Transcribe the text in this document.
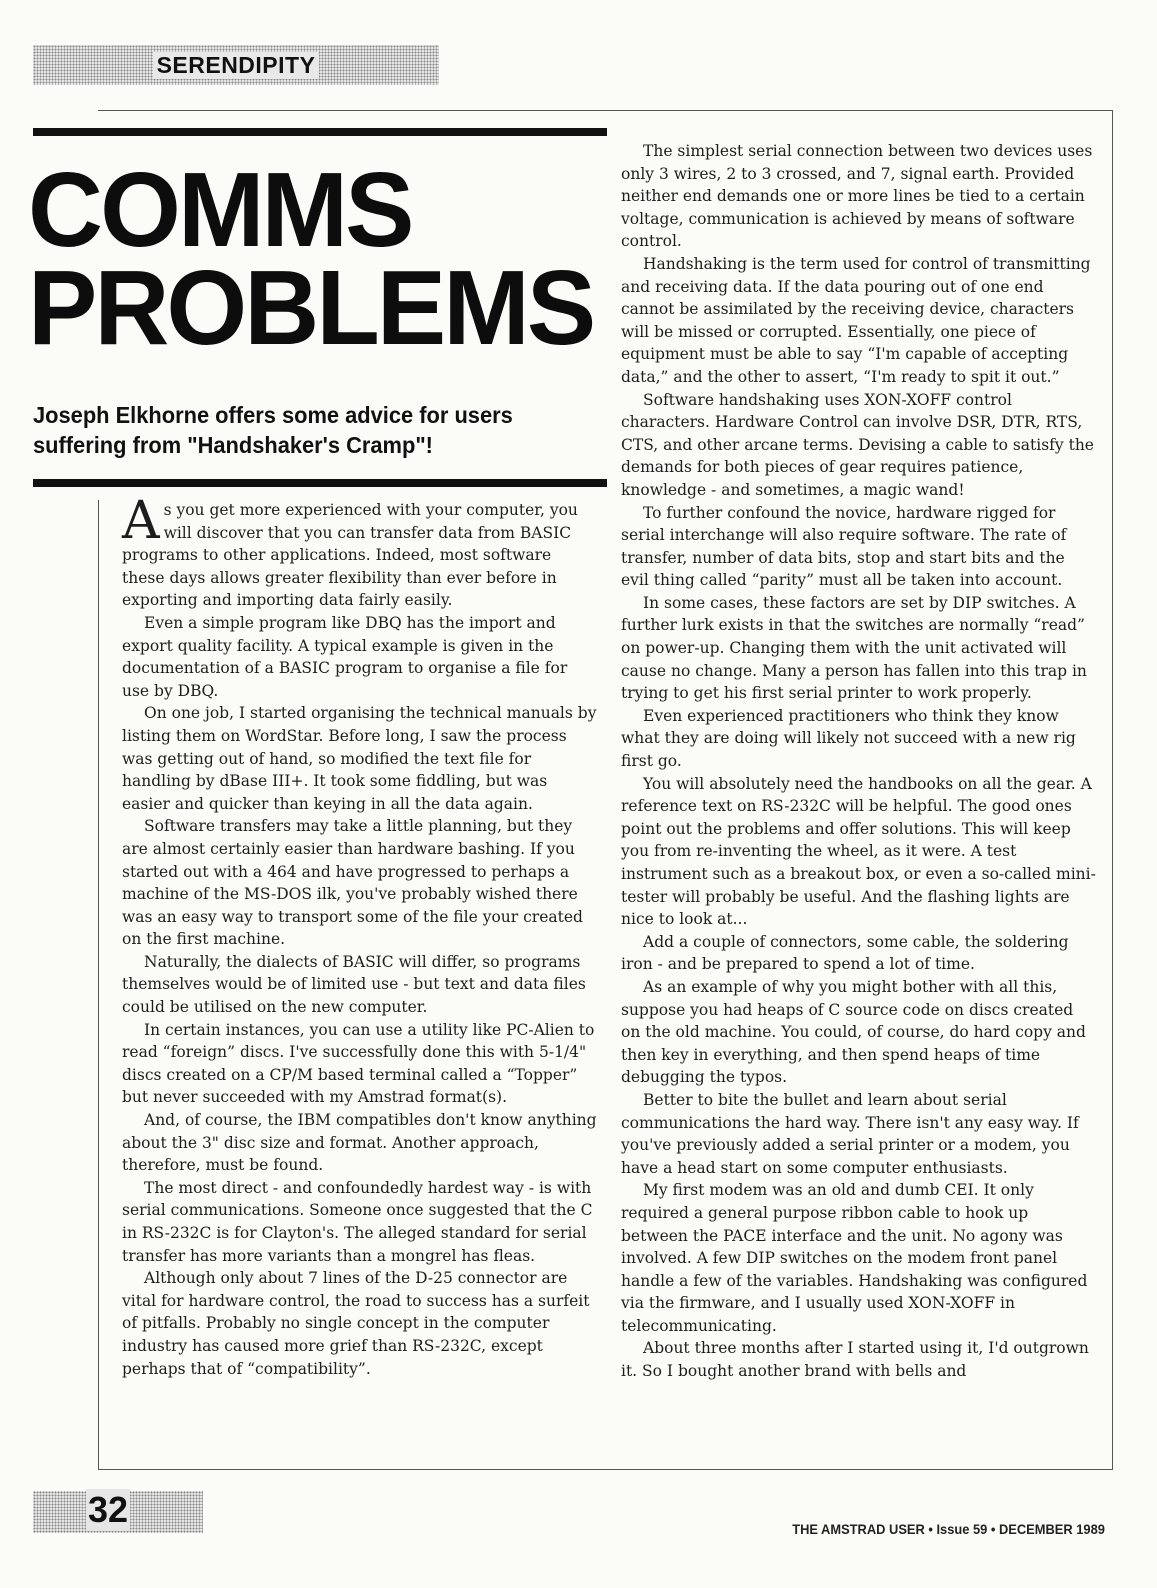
SERENDIPITY
COMMS
PROBLEMS
Joseph Elkhorne offers some advice for users suffering from "Handshaker's Cramp"!

As you get more experienced with your computer, you will discover that you can transfer data from BASIC programs to other applications. Indeed, most software these days allows greater flexibility than ever before in exporting and importing data fairly easily.

Even a simple program like DBQ has the import and export quality facility. A typical example is given in the documentation of a BASIC program to organise a file for use by DBQ.

On one job, I started organising the technical manuals by listing them on WordStar. Before long, I saw the process was getting out of hand, so modified the text file for handling by dBase III+. It took some fiddling, but was easier and quicker than keying in all the data again.

Software transfers may take a little planning, but they are almost certainly easier than hardware bashing. If you started out with a 464 and have progressed to perhaps a machine of the MS-DOS ilk, you've probably wished there was an easy way to transport some of the file your created on the first machine.

Naturally, the dialects of BASIC will differ, so programs themselves would be of limited use - but text and data files could be utilised on the new computer.

In certain instances, you can use a utility like PC-Alien to read “foreign” discs. I've successfully done this with 5-1/4" discs created on a CP/M based terminal called a “Topper” but never succeeded with my Amstrad format(s).

And, of course, the IBM compatibles don't know anything about the 3" disc size and format. Another approach, therefore, must be found.

The most direct - and confoundedly hardest way - is with serial communications. Someone once suggested that the C in RS-232C is for Clayton's. The alleged standard for serial transfer has more variants than a mongrel has fleas.

Although only about 7 lines of the D-25 connector are vital for hardware control, the road to success has a surfeit of pitfalls. Probably no single concept in the computer industry has caused more grief than RS-232C, except perhaps that of “compatibility”.

The simplest serial connection between two devices uses only 3 wires, 2 to 3 crossed, and 7, signal earth. Provided neither end demands one or more lines be tied to a certain voltage, communication is achieved by means of software control.

Handshaking is the term used for control of transmitting and receiving data. If the data pouring out of one end cannot be assimilated by the receiving device, characters will be missed or corrupted. Essentially, one piece of equipment must be able to say “I'm capable of accepting data,” and the other to assert, “I'm ready to spit it out.”

Software handshaking uses XON-XOFF control characters. Hardware Control can involve DSR, DTR, RTS, CTS, and other arcane terms. Devising a cable to satisfy the demands for both pieces of gear requires patience, knowledge - and sometimes, a magic wand!

To further confound the novice, hardware rigged for serial interchange will also require software. The rate of transfer, number of data bits, stop and start bits and the evil thing called “parity” must all be taken into account.

In some cases, these factors are set by DIP switches. A further lurk exists in that the switches are normally “read” on power-up. Changing them with the unit activated will cause no change. Many a person has fallen into this trap in trying to get his first serial printer to work properly.

Even experienced practitioners who think they know what they are doing will likely not succeed with a new rig first go.

You will absolutely need the handbooks on all the gear. A reference text on RS-232C will be helpful. The good ones point out the problems and offer solutions. This will keep you from re-inventing the wheel, as it were. A test instrument such as a breakout box, or even a so-called mini-tester will probably be useful. And the flashing lights are nice to look at...

Add a couple of connectors, some cable, the soldering iron - and be prepared to spend a lot of time.

As an example of why you might bother with all this, suppose you had heaps of C source code on discs created on the old machine. You could, of course, do hard copy and then key in everything, and then spend heaps of time debugging the typos.

Better to bite the bullet and learn about serial communications the hard way. There isn't any easy way. If you've previously added a serial printer or a modem, you have a head start on some computer enthusiasts.

My first modem was an old and dumb CEI. It only required a general purpose ribbon cable to hook up between the PACE interface and the unit. No agony was involved. A few DIP switches on the modem front panel handle a few of the variables. Handshaking was configured via the firmware, and I usually used XON-XOFF in telecommunicating.

About three months after I started using it, I'd outgrown it. So I bought another brand with bells and

32	THE AMSTRAD USER • Issue 59 • DECEMBER 1989
